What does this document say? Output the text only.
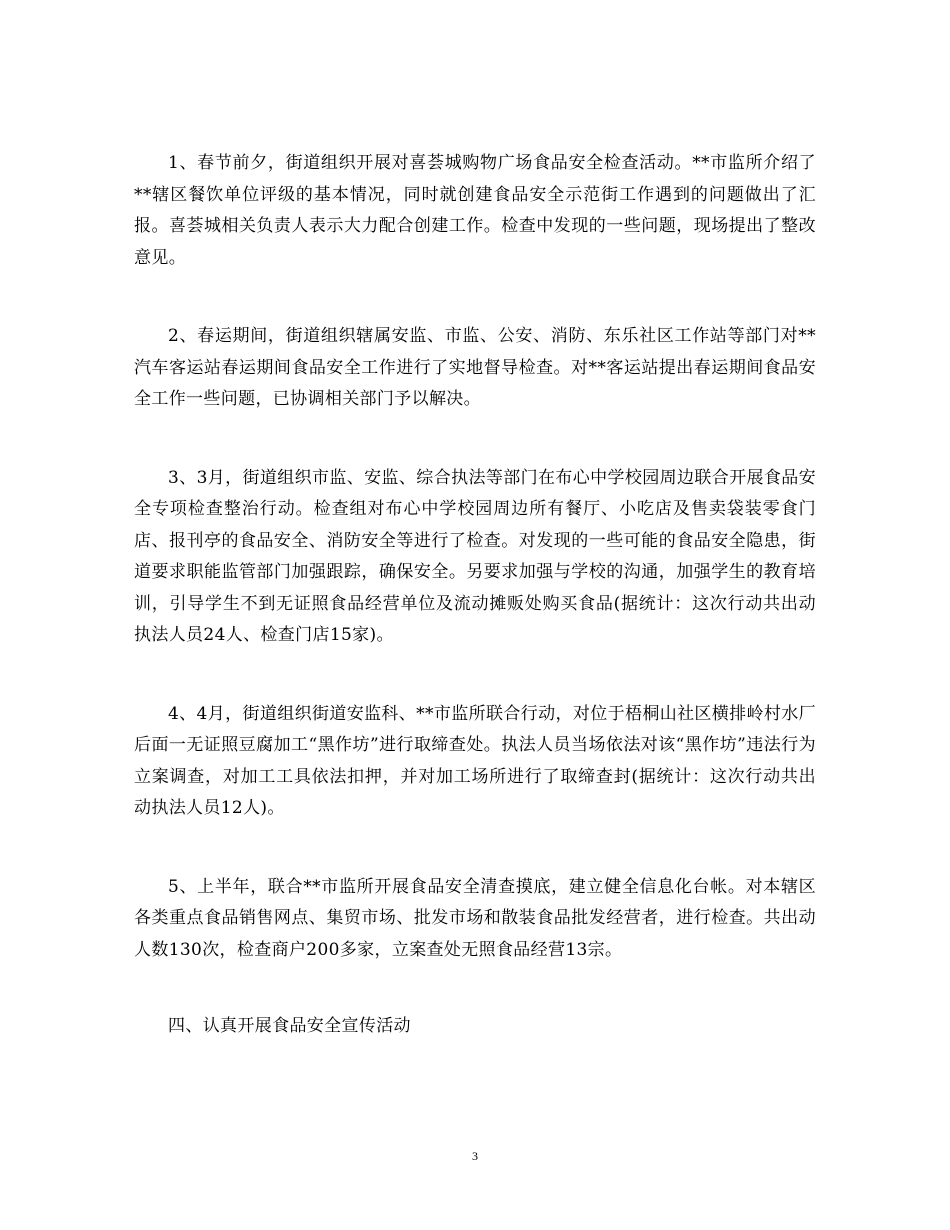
1、春节前夕，街道组织开展对喜荟城购物广场食品安全检查活动。**市监所介绍了**辖区餐饮单位评级的基本情况，同时就创建食品安全示范街工作遇到的问题做出了汇报。喜荟城相关负责人表示大力配合创建工作。检查中发现的一些问题，现场提出了整改意见。

2、春运期间，街道组织辖属安监、市监、公安、消防、东乐社区工作站等部门对**汽车客运站春运期间食品安全工作进行了实地督导检查。对**客运站提出春运期间食品安全工作一些问题，已协调相关部门予以解决。

3、3月，街道组织市监、安监、综合执法等部门在布心中学校园周边联合开展食品安全专项检查整治行动。检查组对布心中学校园周边所有餐厅、小吃店及售卖袋装零食门店、报刊亭的食品安全、消防安全等进行了检查。对发现的一些可能的食品安全隐患，街道要求职能监管部门加强跟踪，确保安全。另要求加强与学校的沟通，加强学生的教育培训，引导学生不到无证照食品经营单位及流动摊贩处购买食品(据统计：这次行动共出动执法人员24人、检查门店15家)。

4、4月，街道组织街道安监科、**市监所联合行动，对位于梧桐山社区横排岭村水厂后面一无证照豆腐加工“黑作坊”进行取缔查处。执法人员当场依法对该“黑作坊”违法行为立案调查，对加工工具依法扣押，并对加工场所进行了取缔查封(据统计：这次行动共出动执法人员12人)。

5、上半年，联合**市监所开展食品安全清查摸底，建立健全信息化台帐。对本辖区各类重点食品销售网点、集贸市场、批发市场和散装食品批发经营者，进行检查。共出动人数130次，检查商户200多家，立案查处无照食品经营13宗。

四、认真开展食品安全宣传活动

3
